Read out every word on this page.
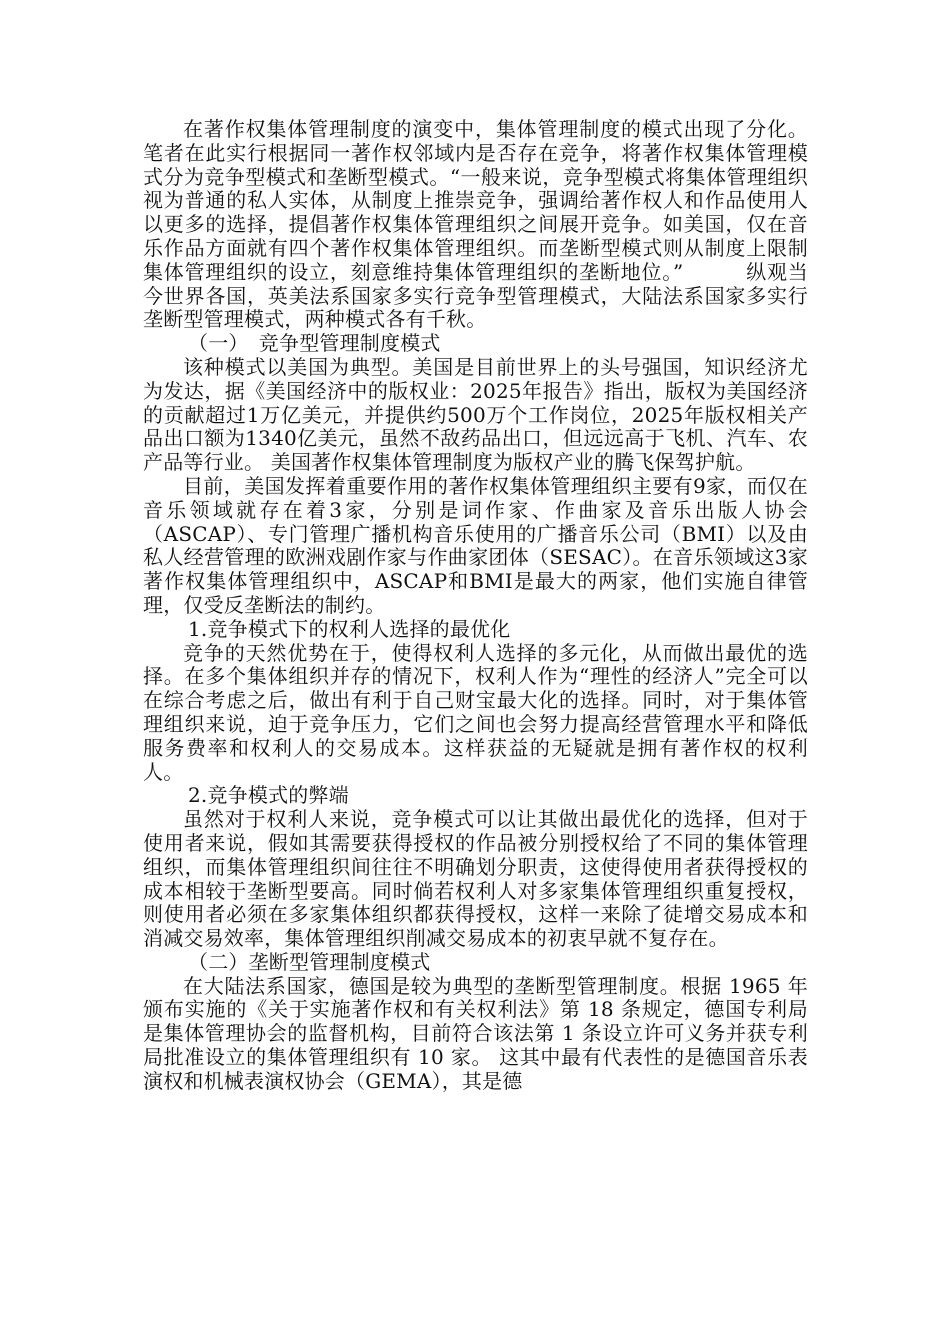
在著作权集体管理制度的演变中，集体管理制度的模式出现了分化。笔者在此实行根据同一著作权邻域内是否存在竞争，将著作权集体管理模式分为竞争型模式和垄断型模式。“一般来说，竞争型模式将集体管理组织视为普通的私人实体，从制度上推崇竞争，强调给著作权人和作品使用人以更多的选择，提倡著作权集体管理组织之间展开竞争。如美国，仅在音乐作品方面就有四个著作权集体管理组织。而垄断型模式则从制度上限制集体管理组织的设立，刻意维持集体管理组织的垄断地位。”　　　纵观当今世界各国，英美法系国家多实行竞争型管理模式，大陆法系国家多实行垄断型管理模式，两种模式各有千秋。

（一）　竞争型管理制度模式

该种模式以美国为典型。美国是目前世界上的头号强国，知识经济尤为发达，据《美国经济中的版权业：2025年报告》指出，版权为美国经济的贡献超过1万亿美元，并提供约500万个工作岗位，2025年版权相关产品出口额为1340亿美元，虽然不敌药品出口，但远远高于飞机、汽车、农产品等行业。 美国著作权集体管理制度为版权产业的腾飞保驾护航。

目前，美国发挥着重要作用的著作权集体管理组织主要有9家，而仅在音乐领域就存在着3家，分别是词作家、作曲家及音乐出版人协会　（ASCAP）、专门管理广播机构音乐使用的广播音乐公司（BMI）以及由私人经营管理的欧洲戏剧作家与作曲家团体（SESAC）。在音乐领域这3家著作权集体管理组织中，ASCAP和BMI是最大的两家，他们实施自律管理，仅受反垄断法的制约。

1.竞争模式下的权利人选择的最优化

竞争的天然优势在于，使得权利人选择的多元化，从而做出最优的选择。在多个集体组织并存的情况下，权利人作为“理性的经济人”完全可以在综合考虑之后，做出有利于自己财宝最大化的选择。同时，对于集体管理组织来说，迫于竞争压力，它们之间也会努力提高经营管理水平和降低服务费率和权利人的交易成本。这样获益的无疑就是拥有著作权的权利人。

2.竞争模式的弊端

虽然对于权利人来说，竞争模式可以让其做出最优化的选择，但对于使用者来说，假如其需要获得授权的作品被分别授权给了不同的集体管理组织，而集体管理组织间往往不明确划分职责，这使得使用者获得授权的成本相较于垄断型要高。同时倘若权利人对多家集体管理组织重复授权，则使用者必须在多家集体组织都获得授权，这样一来除了徒增交易成本和消减交易效率，集体管理组织削减交易成本的初衷早就不复存在。

（二）垄断型管理制度模式

在大陆法系国家，德国是较为典型的垄断型管理制度。根据 1965 年颁布实施的《关于实施著作权和有关权利法》第 18 条规定，德国专利局是集体管理协会的监督机构，目前符合该法第 1 条设立许可义务并获专利局批准设立的集体管理组织有 10 家。 这其中最有代表性的是德国音乐表演权和机械表演权协会（GEMA），其是德
